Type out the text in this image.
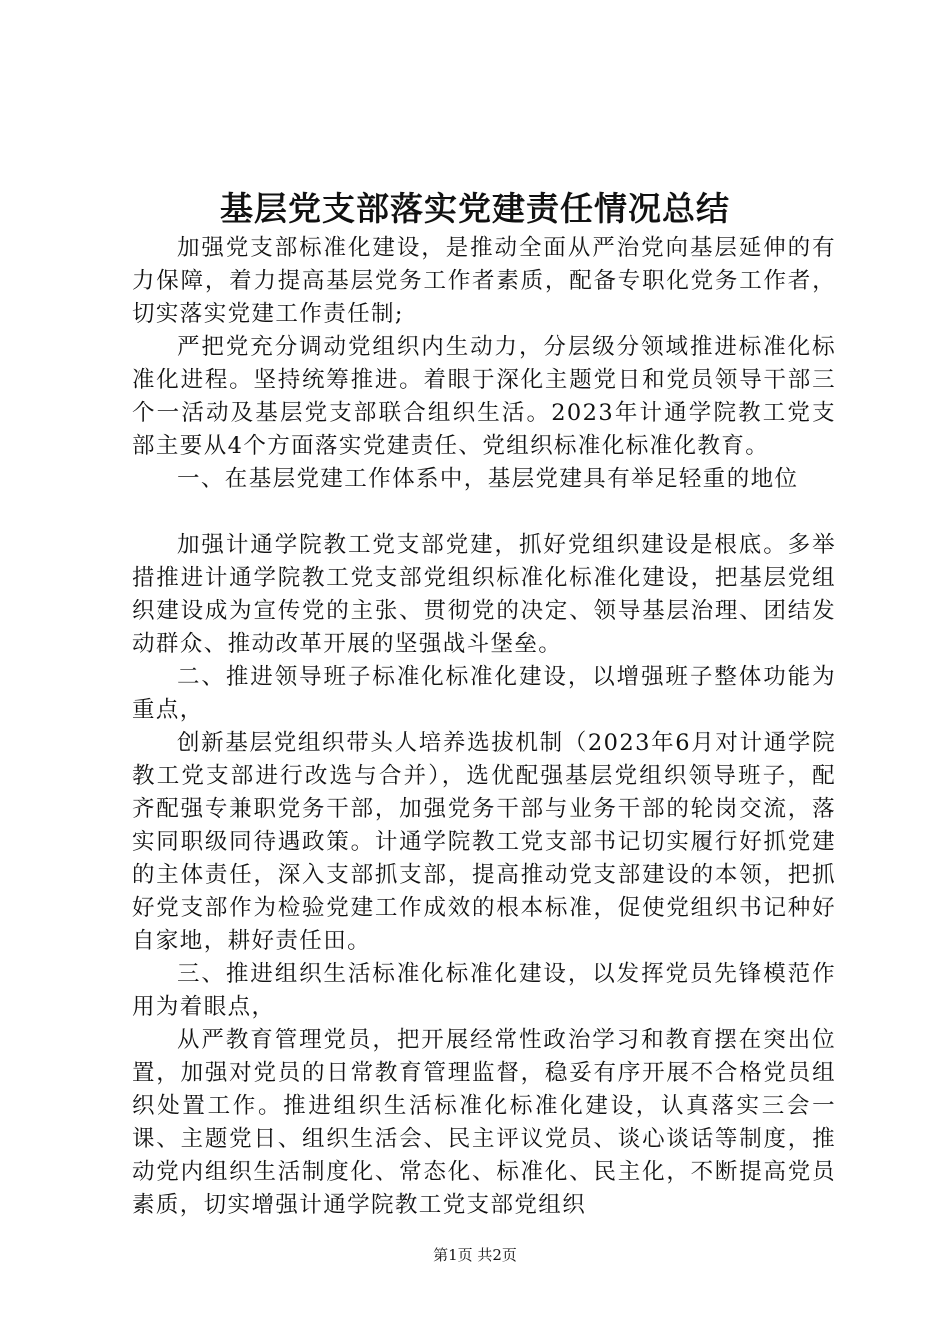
基层党支部落实党建责任情况总结

加强党支部标准化建设，是推动全面从严治党向基层延伸的有力保障，着力提高基层党务工作者素质，配备专职化党务工作者，切实落实党建工作责任制;

严把党充分调动党组织内生动力，分层级分领域推进标准化标准化进程。坚持统筹推进。着眼于深化主题党日和党员领导干部三个一活动及基层党支部联合组织生活。2023年计通学院教工党支部主要从4个方面落实党建责任、党组织标准化标准化教育。

一、在基层党建工作体系中，基层党建具有举足轻重的地位

加强计通学院教工党支部党建，抓好党组织建设是根底。多举措推进计通学院教工党支部党组织标准化标准化建设，把基层党组织建设成为宣传党的主张、贯彻党的决定、领导基层治理、团结发动群众、推动改革开展的坚强战斗堡垒。

二、推进领导班子标准化标准化建设，以增强班子整体功能为重点，

创新基层党组织带头人培养选拔机制（2023年6月对计通学院教工党支部进行改选与合并），选优配强基层党组织领导班子，配齐配强专兼职党务干部，加强党务干部与业务干部的轮岗交流，落实同职级同待遇政策。计通学院教工党支部书记切实履行好抓党建的主体责任，深入支部抓支部，提高推动党支部建设的本领，把抓好党支部作为检验党建工作成效的根本标准，促使党组织书记种好自家地，耕好责任田。

三、推进组织生活标准化标准化建设，以发挥党员先锋模范作用为着眼点，

从严教育管理党员，把开展经常性政治学习和教育摆在突出位置，加强对党员的日常教育管理监督，稳妥有序开展不合格党员组织处置工作。推进组织生活标准化标准化建设，认真落实三会一课、主题党日、组织生活会、民主评议党员、谈心谈话等制度，推动党内组织生活制度化、常态化、标准化、民主化，不断提高党员素质，切实增强计通学院教工党支部党组织

第1页 共2页
